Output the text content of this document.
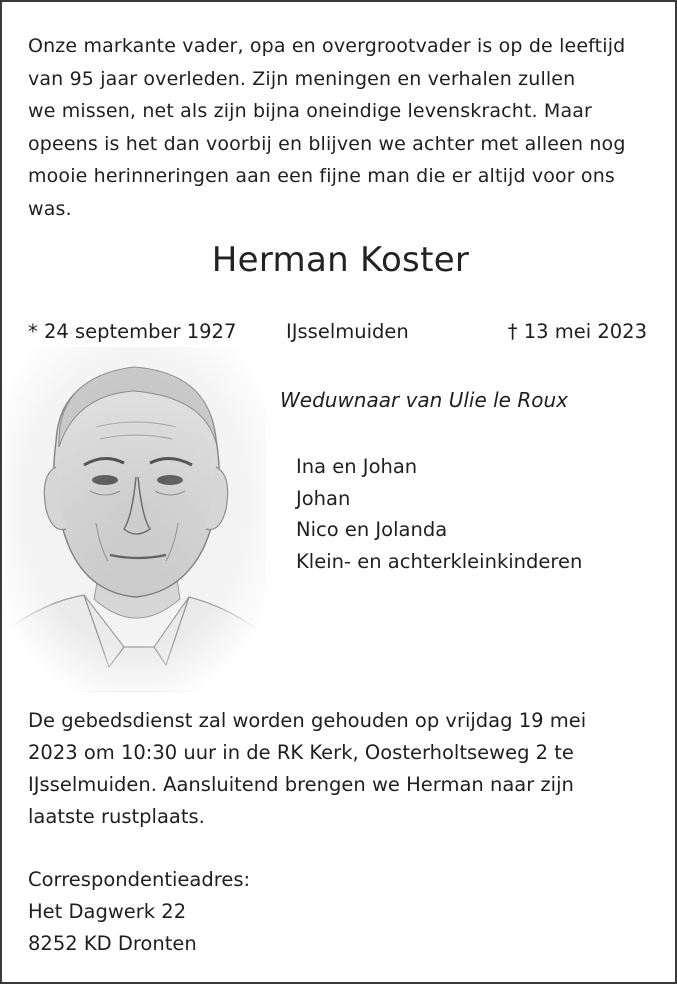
Onze markante vader, opa en overgrootvader is op de leeftijd
van 95 jaar overleden. Zijn meningen en verhalen zullen
we missen, net als zijn bijna oneindige levenskracht. Maar
opeens is het dan voorbij en blijven we achter met alleen nog
mooie herinneringen aan een fijne man die er altijd voor ons
was.

Herman Koster
* 24 september 1927	IJsselmuiden	† 13 mei 2023
Weduwnaar van Ulie le Roux
Ina en Johan
Johan
Nico en Jolanda
Klein- en achterkleinkinderen

De gebedsdienst zal worden gehouden op vrijdag 19 mei
2023 om 10:30 uur in de RK Kerk, Oosterholtseweg 2 te
IJsselmuiden. Aansluitend brengen we Herman naar zijn
laatste rustplaats.

Correspondentieadres:
Het Dagwerk 22
8252 KD Dronten
